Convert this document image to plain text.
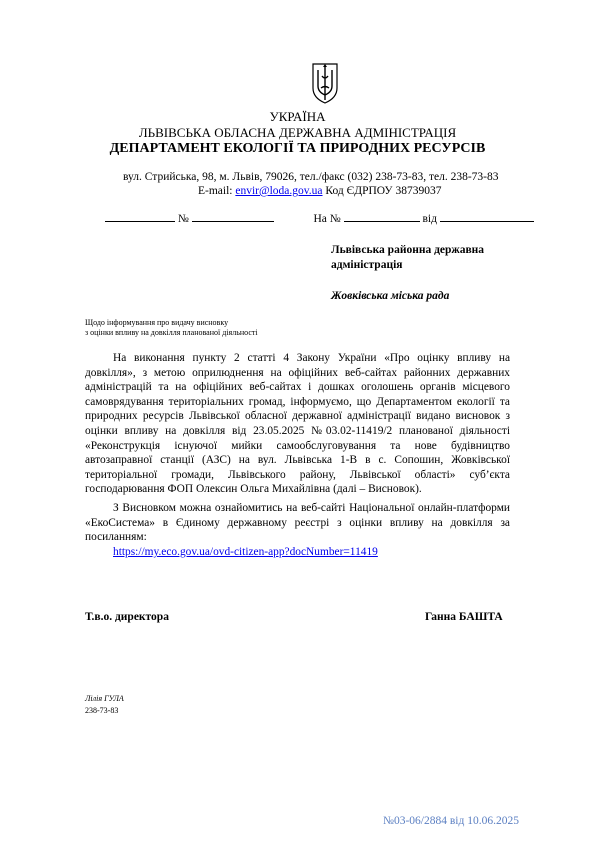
УКРАЇНА
ЛЬВІВСЬКА ОБЛАСНА ДЕРЖАВНА АДМІНІСТРАЦІЯ
ДЕПАРТАМЕНТ ЕКОЛОГІЇ ТА ПРИРОДНИХ РЕСУРСІВ
вул. Стрийська, 98, м. Львів, 79026, тел./факс (032) 238-73-83, тел. 238-73-83
E-mail: envir@loda.gov.ua Код ЄДРПОУ 38739037
№	На №	від
Львівська районна державна
адміністрація
Жовківська міська рада
Щодо інформування про видачу висновку
з оцінки впливу на довкілля планованої діяльності
На виконання пункту 2 статті 4 Закону України «Про оцінку впливу на
довкілля», з метою оприлюднення на офіційних веб-сайтах районних державних
адміністрацій та на офіційних веб-сайтах і дошках оголошень органів місцевого
самоврядування територіальних громад, інформуємо, що Департаментом екології та
природних ресурсів Львівської обласної державної адміністрації видано висновок з
оцінки впливу на довкілля від 23.05.2025 №03.02-11419/2 планованої діяльності
«Реконструкція існуючої мийки самообслуговування та нове будівництво
автозаправної станції (АЗС) на вул. Львівська 1-В в с. Сопошин, Жовківської
територіальної громади, Львівського району, Львівської області» суб’єкта
господарювання ФОП Олексин Ольга Михайлівна (далі – Висновок).
З Висновком можна ознайомитись на веб-сайті Національної онлайн-платформи
«ЕкоСистема» в Єдиному державному реєстрі з оцінки впливу на довкілля за
посиланням:
https://my.eco.gov.ua/ovd-citizen-app?docNumber=11419
Т.в.о. директора	Ганна БАШТА
Лілія ГУЛА
238-73-83
№03-06/2884 від 10.06.2025
